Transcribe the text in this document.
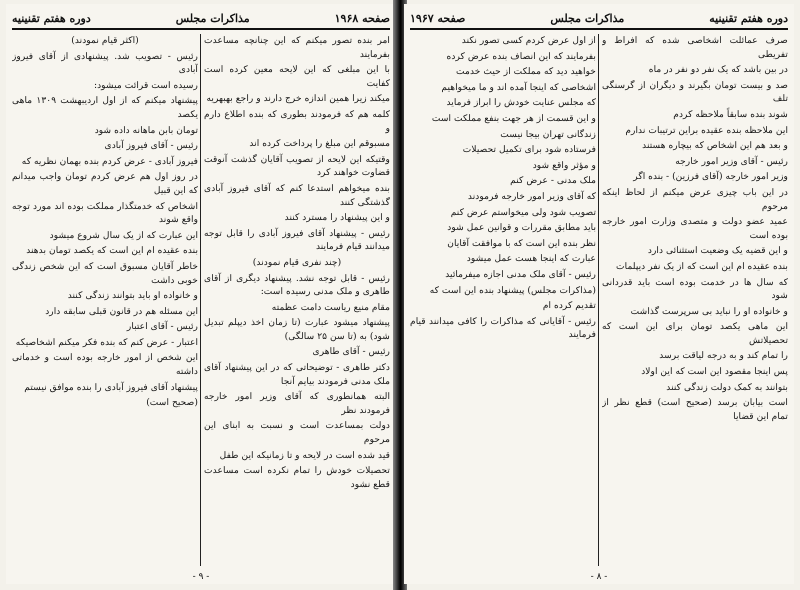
صفحه ۱۹۶۸
مذاکرات مجلس
دوره هفتم تقنینیه

امر بنده تصور میکنم که این چنانچه مساعدت بفرمایند

با این مبلغی که این لایحه معین کرده است کفایت

میکند زیرا همین اندازه خرج دارند و راجع بهبهریه

کلمه هم که فرمودند بطوری که بنده اطلاع دارم و

مسبوقم این مبلغ را پرداخت کرده اند

وقتیکه این لایحه از تصویب آقایان گذشت آنوقت قضاوت خواهند کرد

بنده میخواهم استدعا کنم که آقای فیروز آبادی گذشتگی کنند

و این پیشنهاد را مسترد کنند

رئیس - پیشنهاد آقای فیروز آبادی را قابل توجه میدانند قیام فرمایند

(چند نفری قیام نمودند)

رئیس - قابل توجه نشد. پیشنهاد دیگری از آقای طاهری و ملک مدنی رسیده است:

مقام منیع ریاست دامت عظمته

پیشنهاد میشود عبارت (تا زمان اخذ دیپلم تبدیل شود) به (تا سن ۲۵ سالگی)

رئیس - آقای طاهری

دکتر طاهری - توضیحاتی که در این پیشنهاد آقای ملک مدنی فرمودند بیایم آنجا

البته همانطوری که آقای وزیر امور خارجه فرمودند نظر

دولت بمساعدت است و نسبت به ابنای این مرحوم

قید شده است در لایحه و تا زمانیکه این طفل

تحصیلات خودش را تمام نکرده است مساعدت قطع نشود

(اکثر قیام نمودند)

رئیس - تصویب شد. پیشنهادی از آقای فیروز آبادی

رسیده است قرائت میشود:

پیشنهاد میکنم که از اول اردیبهشت ۱۳۰۹ ماهی یکصد

تومان بابن ماهانه داده شود

رئیس - آقای فیروز آبادی

فیروز آبادی - عرض کردم بنده بهمان نظریه که

در روز اول هم عرض کردم تومان واجب میدانم که این قبیل

اشخاص که خدمتگذار مملکت بوده اند مورد توجه واقع شوند

این عبارت که از یک سال شروع میشود

بنده عقیده ام این است که یکصد تومان بدهند

خاطر آقایان مسبوق است که این شخص زندگی خوبی داشت

و خانواده او باید بتوانند زندگی کنند

این مسئله هم در قانون قبلی سابقه دارد

رئیس - آقای اعتبار

اعتبار - عرض کنم که بنده فکر میکنم اشخاصیکه

این شخص از امور خارجه بوده است و خدماتی داشته

پیشنهاد آقای فیروز آبادی را بنده موافق نیستم

(صحیح است)

- ۹ -
دوره هفتم تقنینیه
مذاکرات مجلس
صفحه ۱۹۶۷

صرف عمائلت اشخاصی شده که افراط و تفریطی

در بین باشد که یک نفر دو نفر در ماه

صد و بیست تومان بگیرند و دیگران از گرسنگی تلف

شوند بنده سابقاً ملاحظه کردم

این ملاحظه بنده عقیده براین ترتیبات ندارم

و بعد هم این اشخاص که بیچاره هستند

رئیس - آقای وزیر امور خارجه

وزیر امور خارجه (آقای فرزین) - بنده اگر

در این باب چیزی عرض میکنم از لحاظ اینکه مرحوم

عمید عضو دولت و متصدی وزارت امور خارجه بوده است

و این قضیه یک وضعیت استثنائی دارد

بنده عقیده ام این است که از یک نفر دیپلمات

که سال ها در خدمت بوده است باید قدردانی شود

و خانواده او را نباید بی سرپرست گذاشت

این ماهی یکصد تومان برای این است که تحصیلاتش

را تمام کند و به درجه لیاقت برسد

پس اینجا مقصود این است که این اولاد

بتوانند به کمک دولت زندگی کنند

است بیابان برسد (صحیح است) قطع نظر از تمام این قضایا

از اول عرض کردم کسی تصور نکند

بفرمایند که این انصاف بنده عرض کرده

خواهید دید که مملکت از حیث خدمت

اشخاصی که اینجا آمده اند و ما میخواهیم

که مجلس عنایت خودش را ابراز فرماید

و این قسمت از هر جهت بنفع مملکت است

زندگانی تهران بیجا نیست

فرستاده شود برای تکمیل تحصیلات

و مؤثر واقع شود

ملک مدنی - عرض کنم

که آقای وزیر امور خارجه فرمودند

تصویب شود ولی میخواستم عرض کنم

باید مطابق مقررات و قوانین عمل شود

نظر بنده این است که با موافقت آقایان

عبارت که اینجا هست عمل میشود

رئیس - آقای ملک مدنی اجازه میفرمائید

(مذاکرات مجلس) پیشنهاد بنده این است که

تقدیم کرده ام

رئیس - آقایانی که مذاکرات را کافی میدانند قیام فرمایند

- ۸ -
